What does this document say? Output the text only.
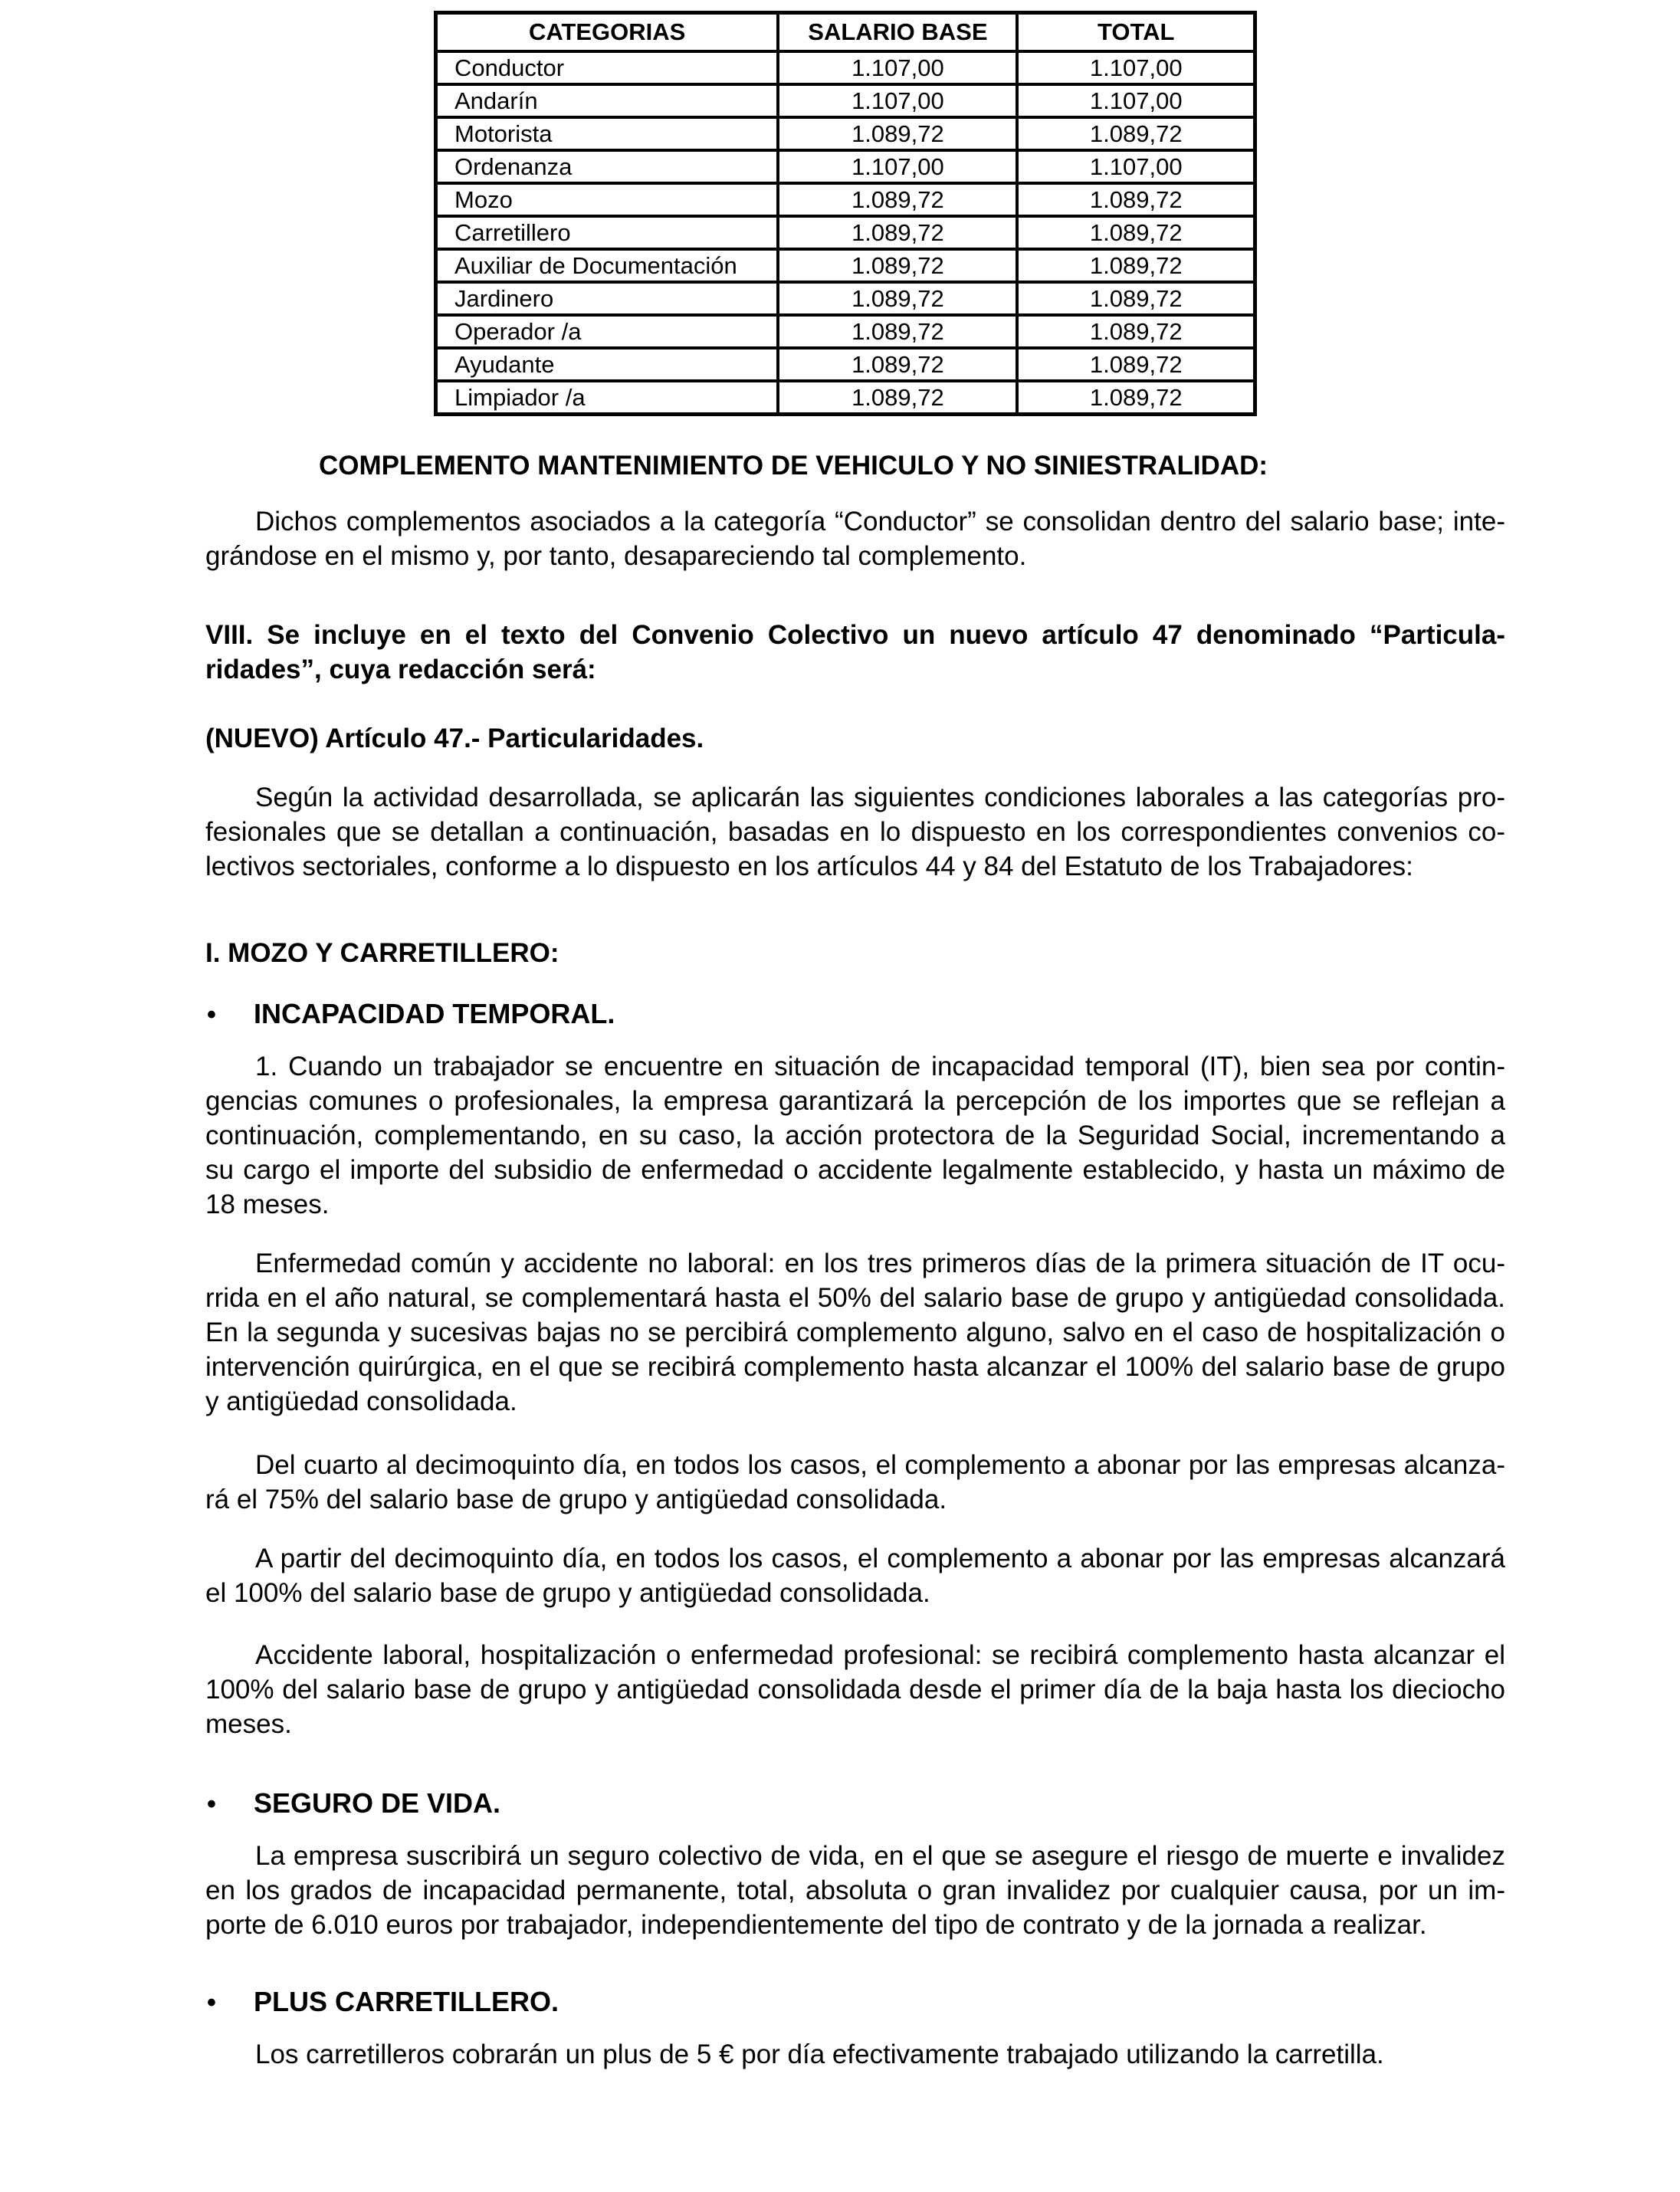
CATEGORIAS	SALARIO BASE	TOTAL
Conductor	1.107,00	1.107,00
Andarín	1.107,00	1.107,00
Motorista	1.089,72	1.089,72
Ordenanza	1.107,00	1.107,00
Mozo	1.089,72	1.089,72
Carretillero	1.089,72	1.089,72
Auxiliar de Documentación	1.089,72	1.089,72
Jardinero	1.089,72	1.089,72
Operador /a	1.089,72	1.089,72
Ayudante	1.089,72	1.089,72
Limpiador /a	1.089,72	1.089,72
COMPLEMENTO MANTENIMIENTO DE VEHICULO Y NO SINIESTRALIDAD:
Dichos complementos asociados a la categoría “Conductor” se consolidan dentro del salario base; inte-
grándose en el mismo y, por tanto, desapareciendo tal complemento.
VIII. Se incluye en el texto del Convenio Colectivo un nuevo artículo 47 denominado “Particula-
ridades”, cuya redacción será:
(NUEVO) Artículo 47.- Particularidades.
Según la actividad desarrollada, se aplicarán las siguientes condiciones laborales a las categorías pro-
fesionales que se detallan a continuación, basadas en lo dispuesto en los correspondientes convenios co-
lectivos sectoriales, conforme a lo dispuesto en los artículos 44 y 84 del Estatuto de los Trabajadores:
I. MOZO Y CARRETILLERO:
•	INCAPACIDAD TEMPORAL.
1. Cuando un trabajador se encuentre en situación de incapacidad temporal (IT), bien sea por contin-
gencias comunes o profesionales, la empresa garantizará la percepción de los importes que se reflejan a
continuación, complementando, en su caso, la acción protectora de la Seguridad Social, incrementando a
su cargo el importe del subsidio de enfermedad o accidente legalmente establecido, y hasta un máximo de
18 meses.
Enfermedad común y accidente no laboral: en los tres primeros días de la primera situación de IT ocu-
rrida en el año natural, se complementará hasta el 50% del salario base de grupo y antigüedad consolidada.
En la segunda y sucesivas bajas no se percibirá complemento alguno, salvo en el caso de hospitalización o
intervención quirúrgica, en el que se recibirá complemento hasta alcanzar el 100% del salario base de grupo
y antigüedad consolidada.
Del cuarto al decimoquinto día, en todos los casos, el complemento a abonar por las empresas alcanza-
rá el 75% del salario base de grupo y antigüedad consolidada.
A partir del decimoquinto día, en todos los casos, el complemento a abonar por las empresas alcanzará
el 100% del salario base de grupo y antigüedad consolidada.
Accidente laboral, hospitalización o enfermedad profesional: se recibirá complemento hasta alcanzar el
100% del salario base de grupo y antigüedad consolidada desde el primer día de la baja hasta los dieciocho
meses.
•	SEGURO DE VIDA.
La empresa suscribirá un seguro colectivo de vida, en el que se asegure el riesgo de muerte e invalidez
en los grados de incapacidad permanente, total, absoluta o gran invalidez por cualquier causa, por un im-
porte de 6.010 euros por trabajador, independientemente del tipo de contrato y de la jornada a realizar.
•	PLUS CARRETILLERO.
Los carretilleros cobrarán un plus de 5 € por día efectivamente trabajado utilizando la carretilla.
